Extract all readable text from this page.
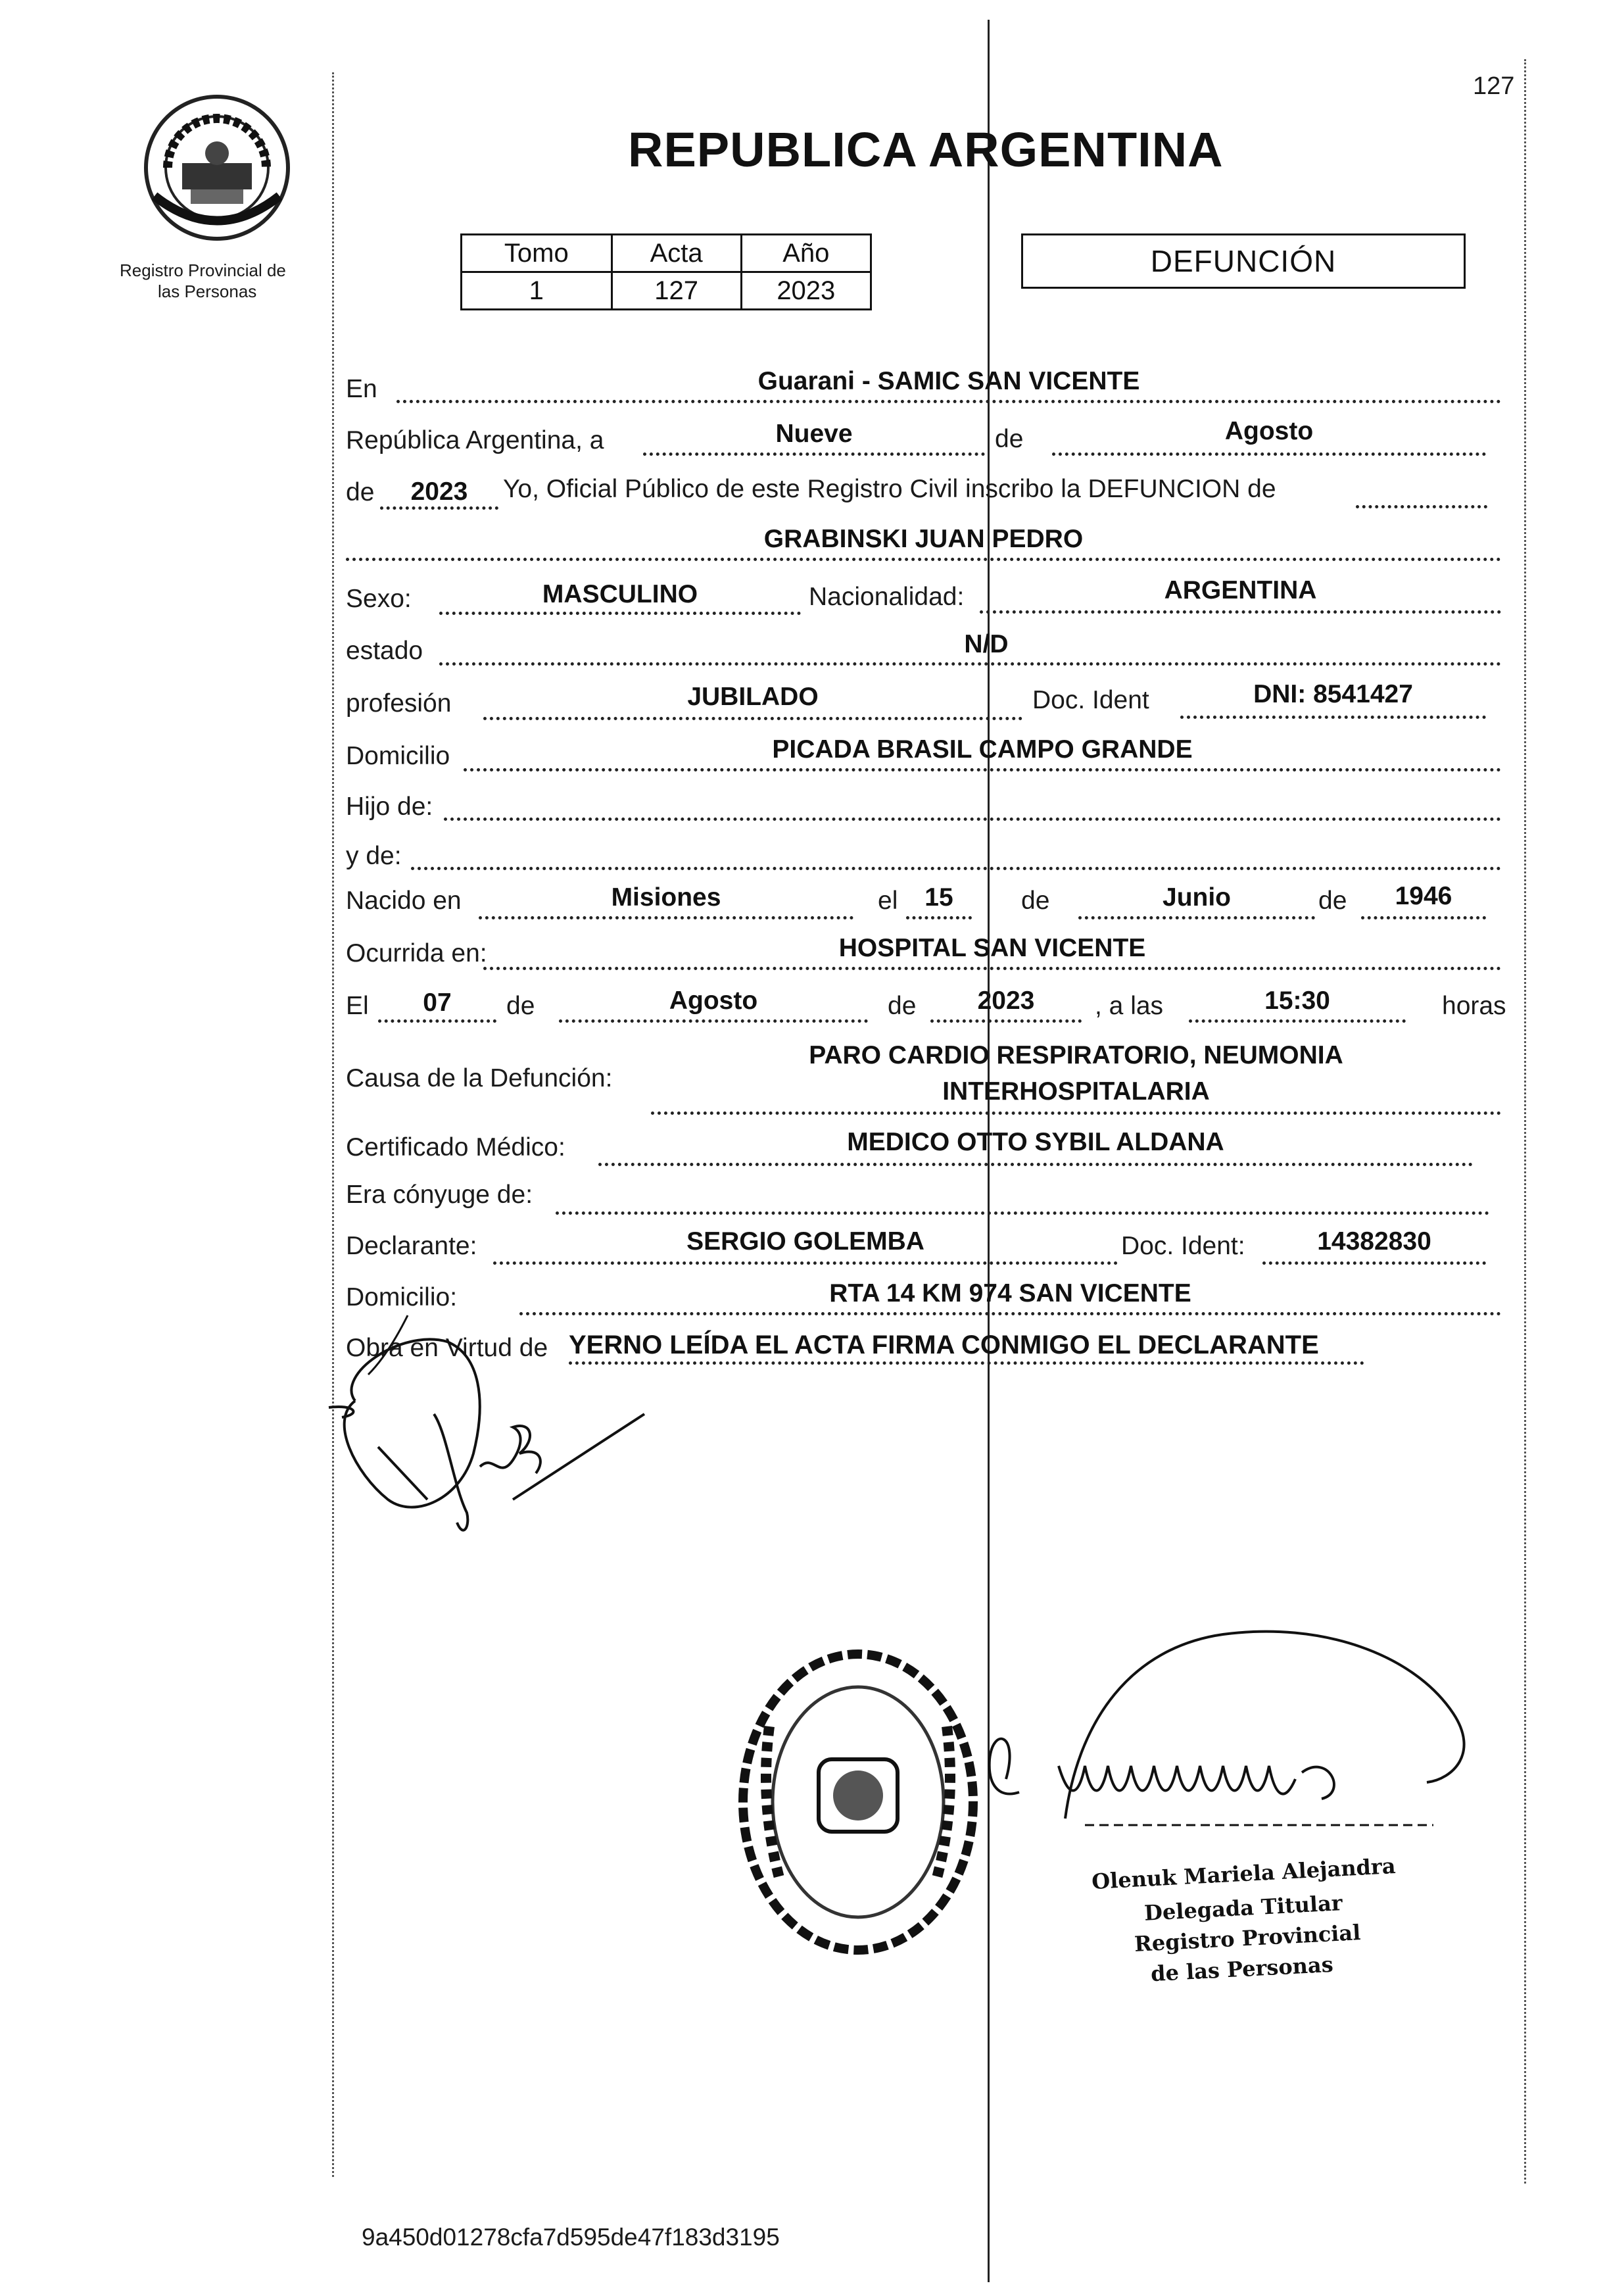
127
Registro Provincial de
las Personas
REPUBLICA ARGENTINA
Tomo	Acta	Año
1	127	2023
DEFUNCIÓN
En	Guarani - SAMIC SAN VICENTE
República Argentina, a	Nueve	de	Agosto
de	2023	Yo, Oficial Público de este Registro Civil inscribo la DEFUNCION de
GRABINSKI JUAN PEDRO
Sexo:	MASCULINO	Nacionalidad:	ARGENTINA
estado	N/D
profesión	JUBILADO	Doc. Ident	DNI: 8541427
Domicilio	PICADA BRASIL CAMPO GRANDE
Hijo de:
y de:
Nacido en	Misiones	el	15	de	Junio	de	1946
Ocurrida en:	HOSPITAL SAN VICENTE
El	07	de	Agosto	de	2023	, a las	15:30	horas
Causa de la Defunción:
PARO CARDIO RESPIRATORIO, NEUMONIA
INTERHOSPITALARIA
Certificado Médico:	MEDICO OTTO SYBIL ALDANA
Era cónyuge de:
Declarante:	SERGIO GOLEMBA	Doc. Ident:	14382830
Domicilio:	RTA 14 KM 974 SAN VICENTE
Obra en Virtud de YERNO LEÍDA EL ACTA FIRMA CONMIGO EL DECLARANTE
Olenuk Mariela Alejandra
Delegada Titular
Registro Provincial
de las Personas
9a450d01278cfa7d595de47f183d3195
